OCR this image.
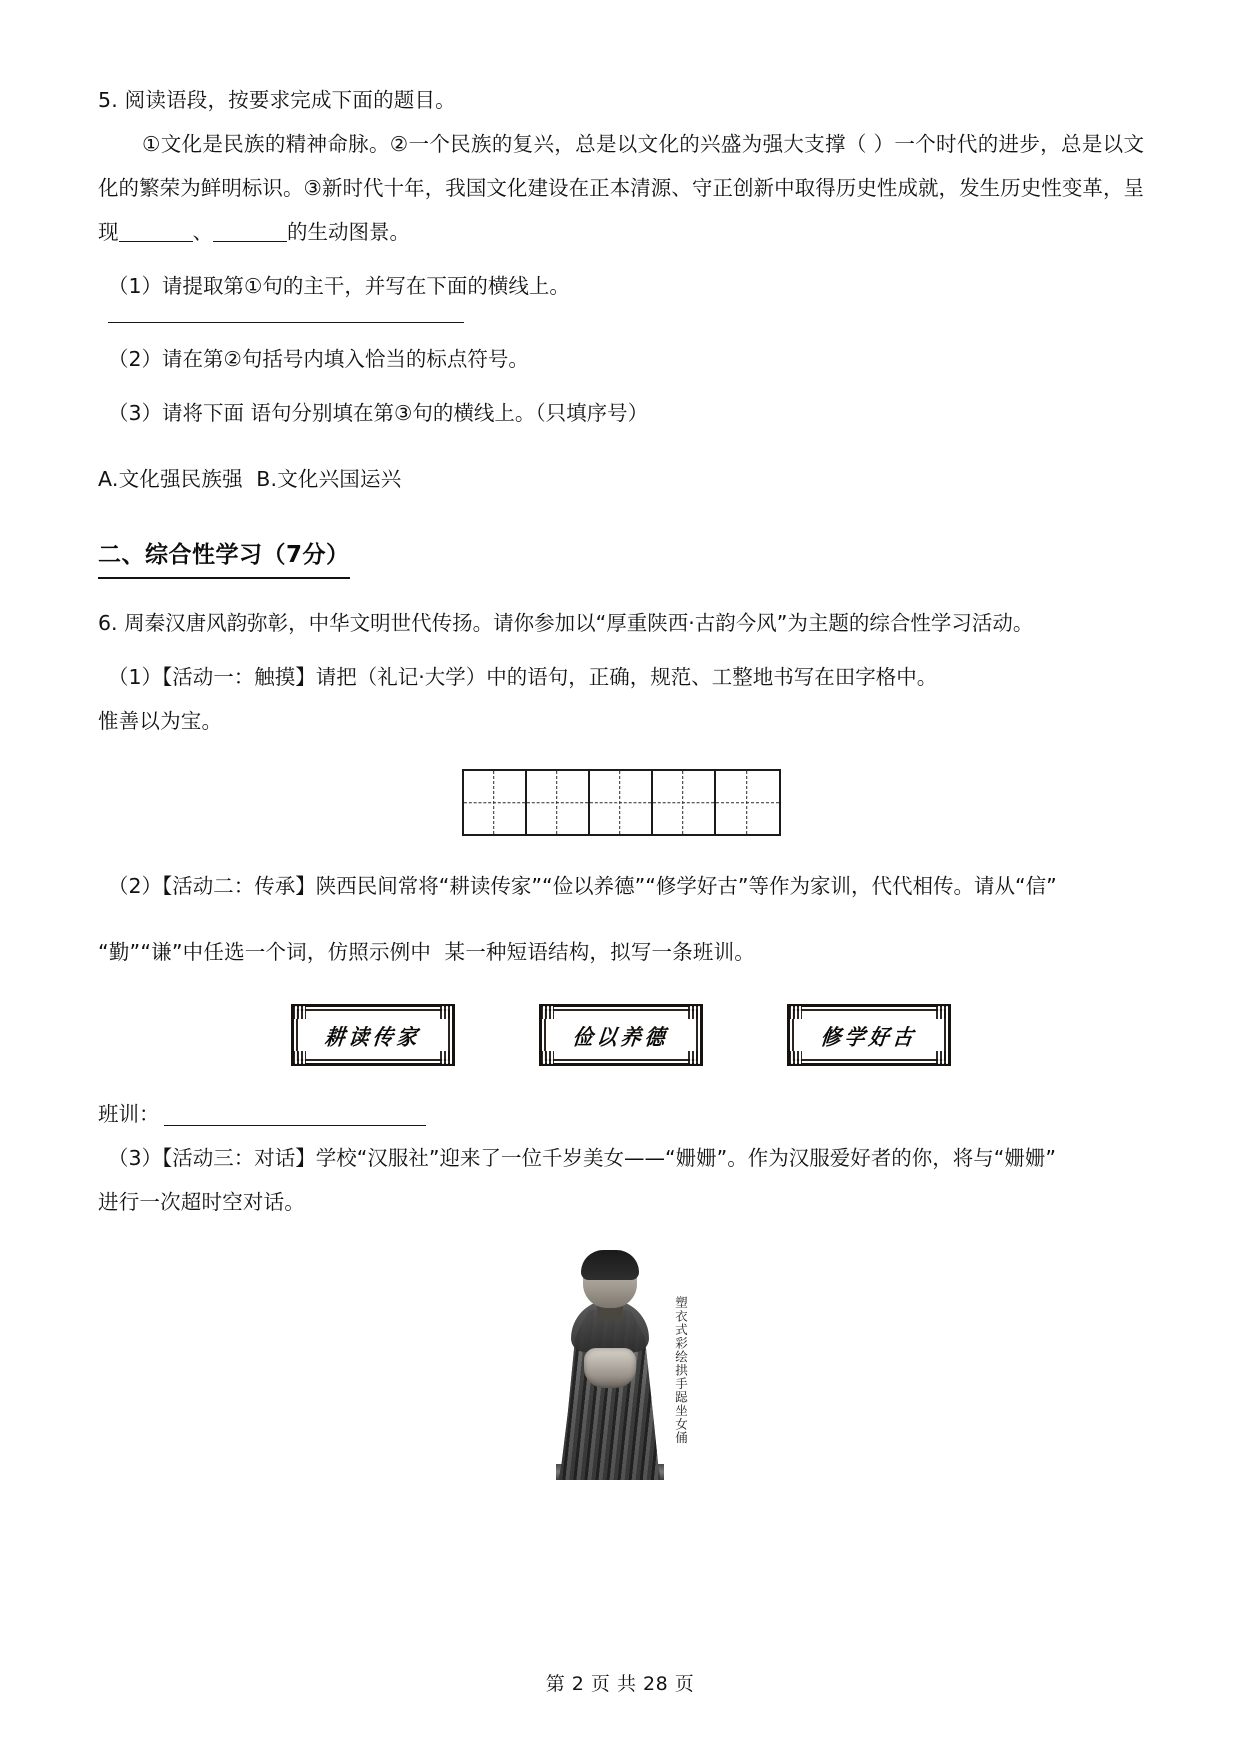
5. 阅读语段，按要求完成下面的题目。
①文化是民族的精神命脉。②一个民族的复兴，总是以文化的兴盛为强大支撑（ ）一个时代的进步，总是以文化的繁荣为鲜明标识。③新时代十年，我国文化建设在正本清源、守正创新中取得历史性成就，发生历史性变革，呈现	、	的生动图景。
（1）请提取第①句的主干，并写在下面的横线上。
（2）请在第②句括号内填入恰当的标点符号。
（3）请将下面 语句分别填在第③句的横线上。（只填序号）
A.文化强民族强  B.文化兴国运兴
二、综合性学习（7分）
6. 周秦汉唐风韵弥彰，中华文明世代传扬。请你参加以“厚重陕西·古韵今风”为主题的综合性学习活动。
（1）【活动一：触摸】请把（礼记·大学）中的语句，正确，规范、工整地书写在田字格中。
惟善以为宝。
（2）【活动二：传承】陕西民间常将“耕读传家”“俭以养德”“修学好古”等作为家训，代代相传。请从“信”
“勤”“谦”中任选一个词，仿照示例中  某一种短语结构，拟写一条班训。
耕读传家	俭以养德	修学好古
班训：
（3）【活动三：对话】学校“汉服社”迎来了一位千岁美女——“姗姗”。作为汉服爱好者的你，将与“姗姗”
进行一次超时空对话。
塑衣式彩绘拱手跽坐女俑
第 2 页 共 28 页
